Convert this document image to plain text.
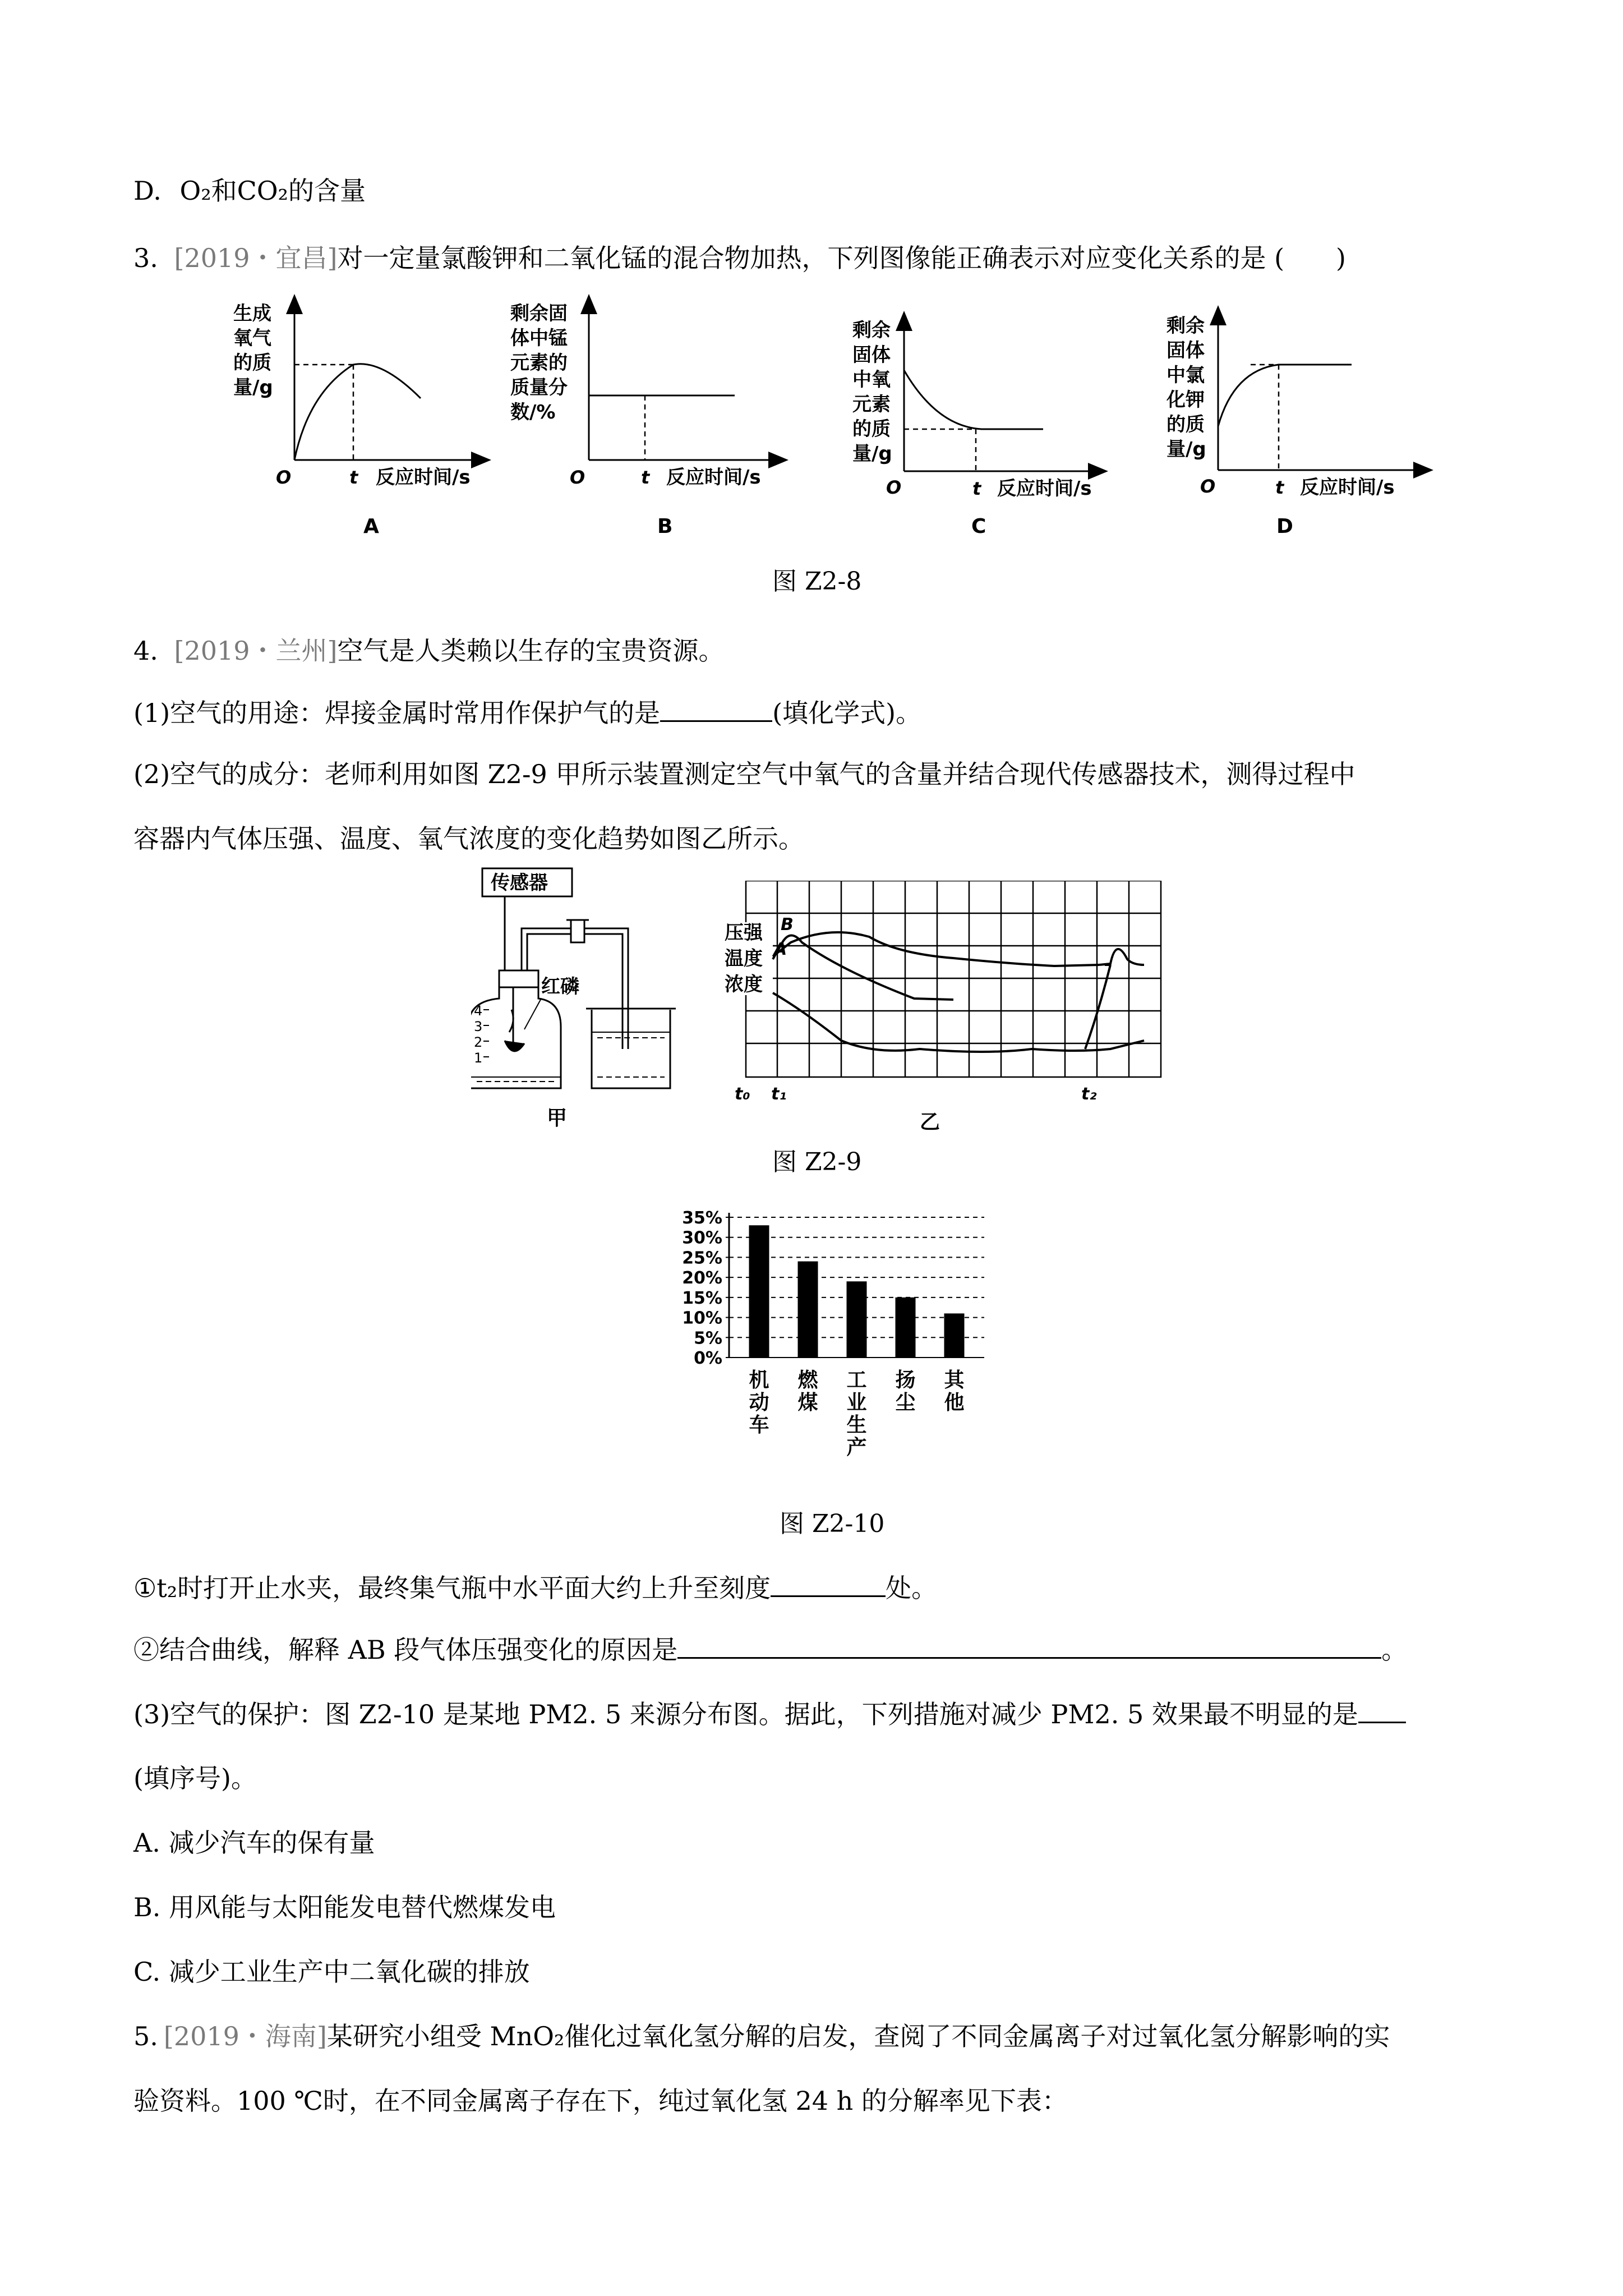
D. O₂和CO₂的含量
3. [2019・宜昌]对一定量氯酸钾和二氧化锰的混合物加热，下列图像能正确表示对应变化关系的是 (　　)
生成
氧气
的质
量/g
O	t 反应时间/s
A
剩余固
体中锰
元素的
质量分
数/%
O	t 反应时间/s
B
剩余
固体
中氧
元素
的质
量/g
O	t 反应时间/s
C
剩余
固体
中氯
化钾
的质
量/g
O	t 反应时间/s
D
图 Z2-8
4. [2019・兰州]空气是人类赖以生存的宝贵资源。
(1)空气的用途：焊接金属时常用作保护气的是	(填化学式)。
(2)空气的成分：老师利用如图 Z2-9 甲所示装置测定空气中氧气的含量并结合现代传感器技术，测得过程中
容器内气体压强、温度、氧气浓度的变化趋势如图乙所示。
传感器
4
3
2
1
红磷
甲
压强
温度
浓度
B
A
t₀ t₁	t₂
乙
图 Z2-9
35%
30%
25%
20%
15%
10%
5%
0%
机
动
车
燃
煤
工
业
生
产
扬
尘
其
他
图 Z2-10
①t₂时打开止水夹，最终集气瓶中水平面大约上升至刻度	处。
②结合曲线，解释 AB 段气体压强变化的原因是	。
(3)空气的保护：图 Z2-10 是某地 PM2. 5 来源分布图。据此，下列措施对减少 PM2. 5 效果最不明显的是
(填序号)。
A. 减少汽车的保有量
B. 用风能与太阳能发电替代燃煤发电
C. 减少工业生产中二氧化碳的排放
5. [2019・海南]某研究小组受 MnO₂催化过氧化氢分解的启发，查阅了不同金属离子对过氧化氢分解影响的实
验资料。100 ℃时，在不同金属离子存在下，纯过氧化氢 24 h 的分解率见下表：
